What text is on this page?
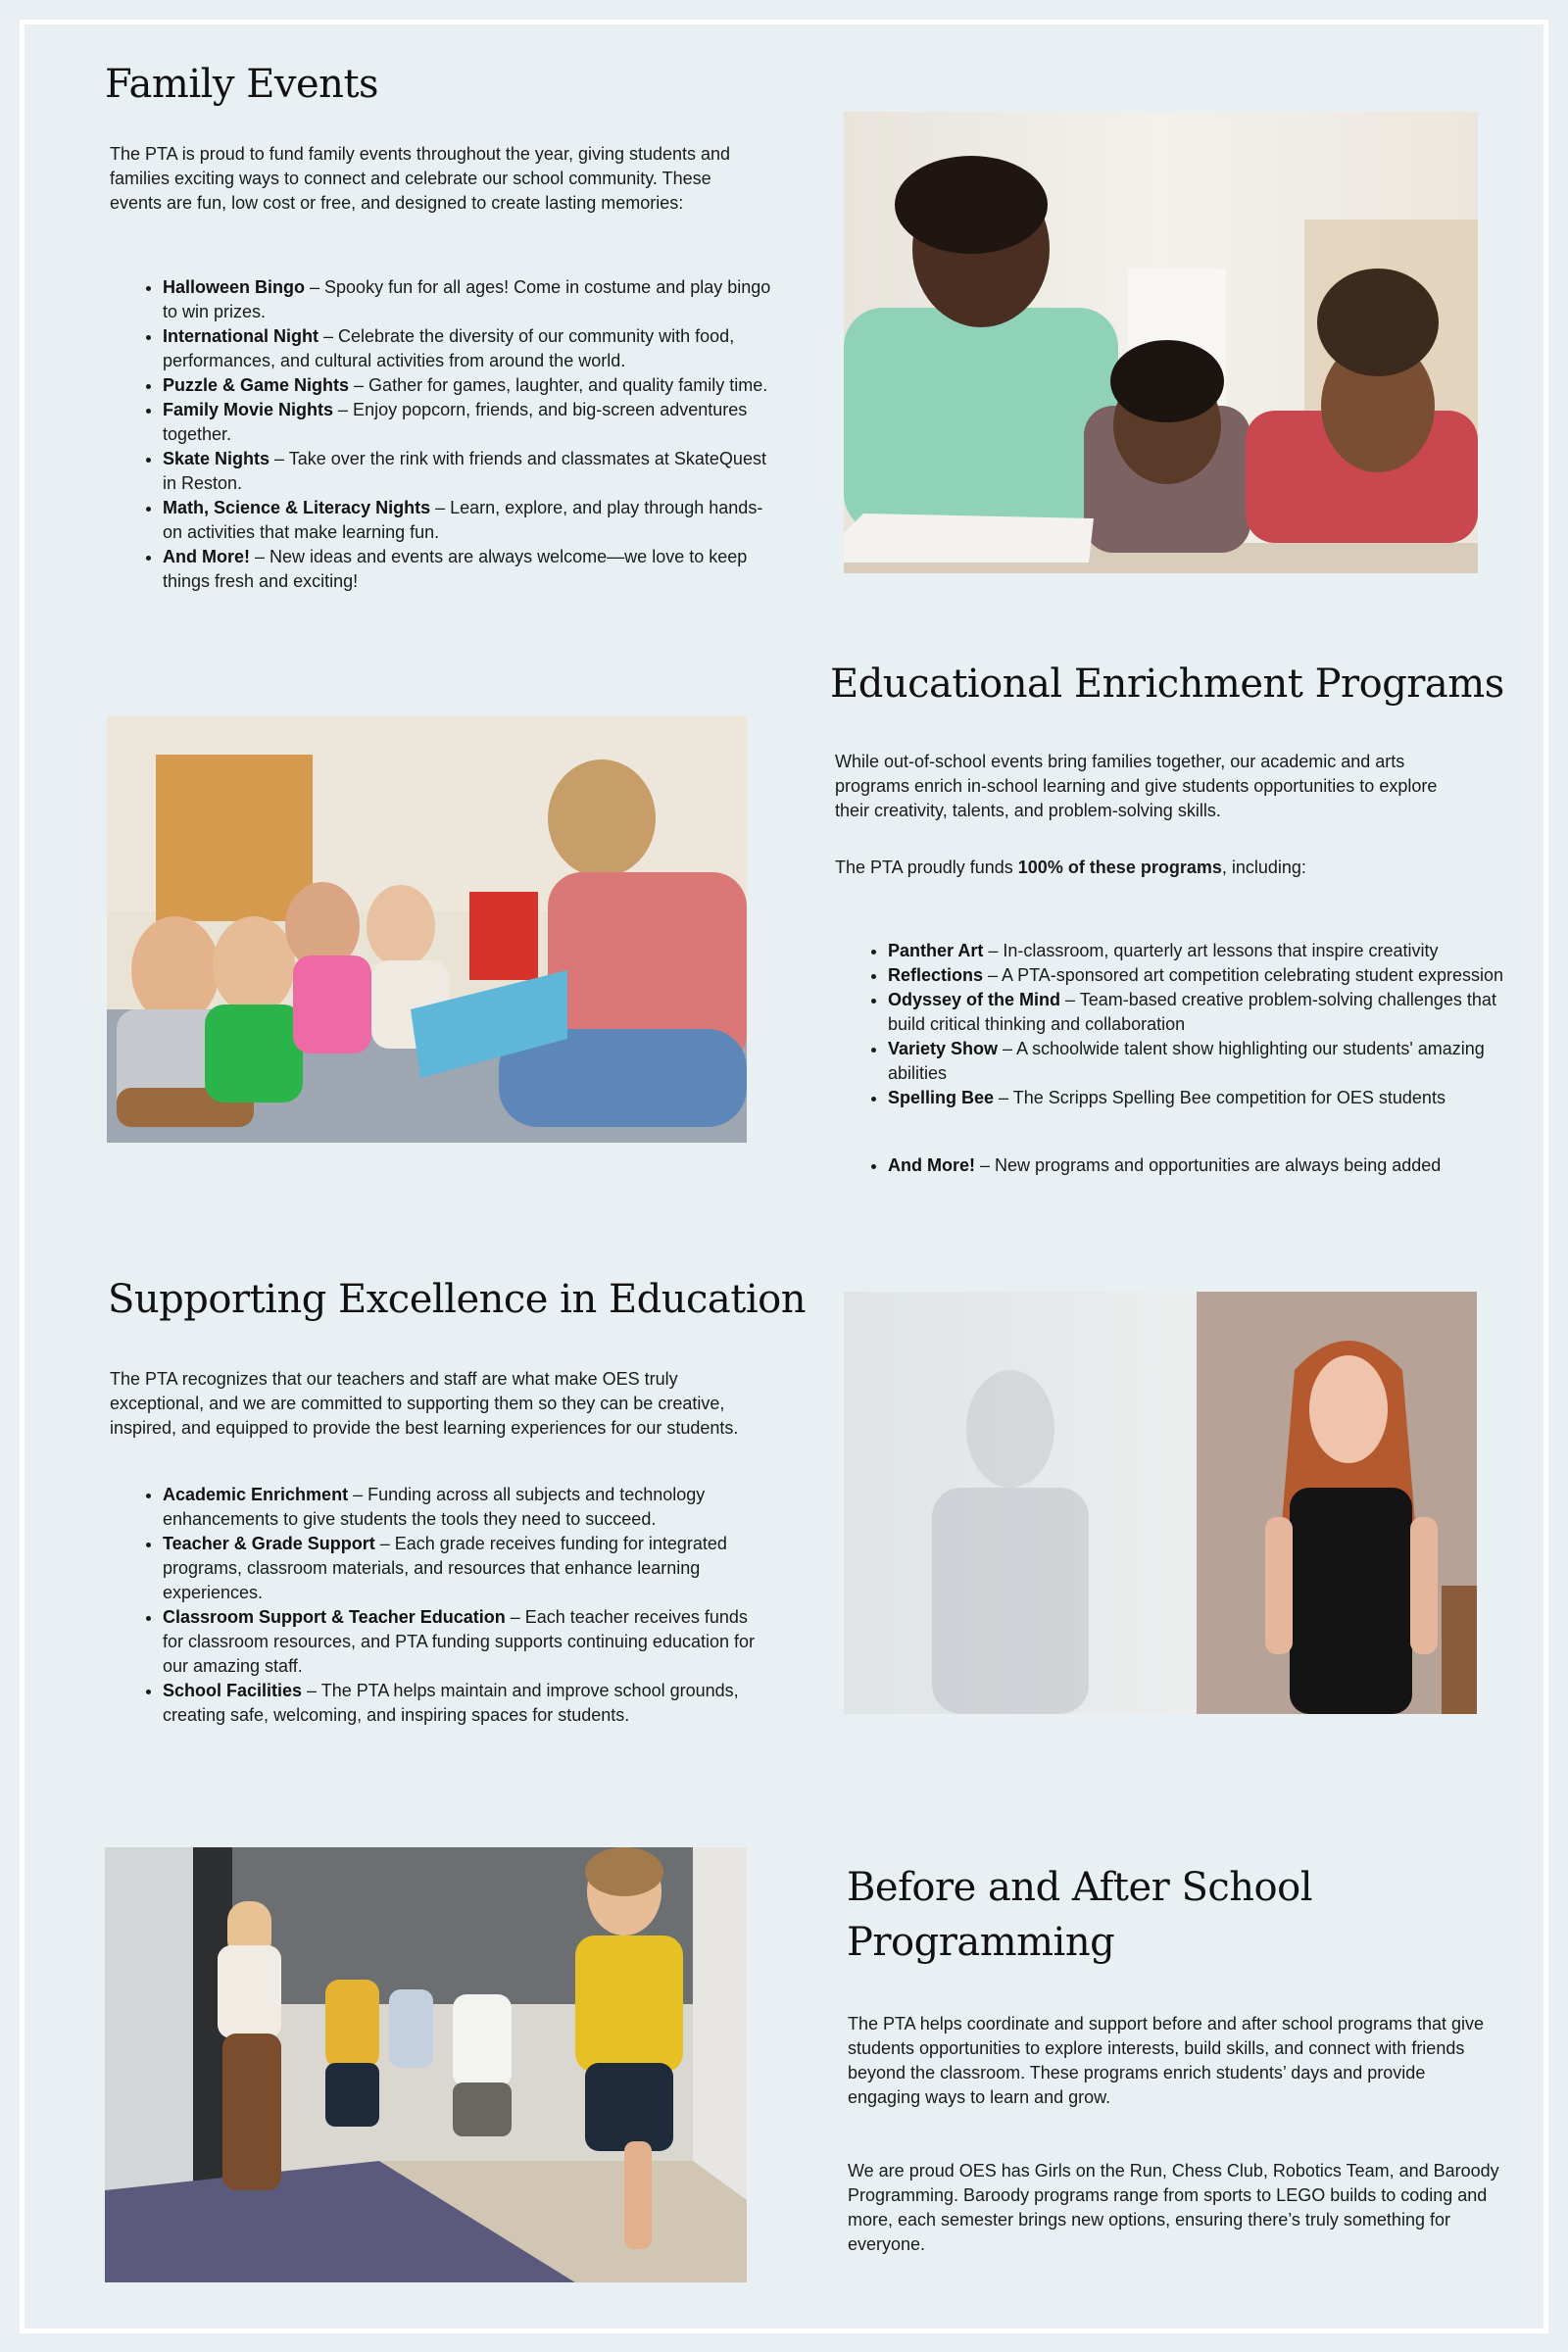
Family Events

The PTA is proud to fund family events throughout the year, giving students and families exciting ways to connect and celebrate our school community. These events are fun, low cost or free, and designed to create lasting memories:

• Halloween Bingo – Spooky fun for all ages! Come in costume and play bingo to win prizes.
• International Night – Celebrate the diversity of our community with food, performances, and cultural activities from around the world.
• Puzzle & Game Nights – Gather for games, laughter, and quality family time.
• Family Movie Nights – Enjoy popcorn, friends, and big-screen adventures together.
• Skate Nights – Take over the rink with friends and classmates at SkateQuest in Reston.
• Math, Science & Literacy Nights – Learn, explore, and play through hands-on activities that make learning fun.
• And More! – New ideas and events are always welcome—we love to keep things fresh and exciting!
Educational Enrichment Programs

While out-of-school events bring families together, our academic and arts programs enrich in-school learning and give students opportunities to explore their creativity, talents, and problem-solving skills.

The PTA proudly funds 100% of these programs, including:

• Panther Art – In-classroom, quarterly art lessons that inspire creativity
• Reflections – A PTA-sponsored art competition celebrating student expression
• Odyssey of the Mind – Team-based creative problem-solving challenges that build critical thinking and collaboration
• Variety Show – A schoolwide talent show highlighting our students' amazing abilities
• Spelling Bee – The Scripps Spelling Bee competition for OES students
• And More! – New programs and opportunities are always being added
Supporting Excellence in Education

The PTA recognizes that our teachers and staff are what make OES truly exceptional, and we are committed to supporting them so they can be creative, inspired, and equipped to provide the best learning experiences for our students.

• Academic Enrichment – Funding across all subjects and technology enhancements to give students the tools they need to succeed.
• Teacher & Grade Support – Each grade receives funding for integrated programs, classroom materials, and resources that enhance learning experiences.
• Classroom Support & Teacher Education – Each teacher receives funds for classroom resources, and PTA funding supports continuing education for our amazing staff.
• School Facilities – The PTA helps maintain and improve school grounds, creating safe, welcoming, and inspiring spaces for students.
Before and After School
Programming

The PTA helps coordinate and support before and after school programs that give students opportunities to explore interests, build skills, and connect with friends beyond the classroom. These programs enrich students’ days and provide engaging ways to learn and grow.

We are proud OES has Girls on the Run, Chess Club, Robotics Team, and Baroody Programming. Baroody programs range from sports to LEGO builds to coding and more, each semester brings new options, ensuring there’s truly something for everyone.
